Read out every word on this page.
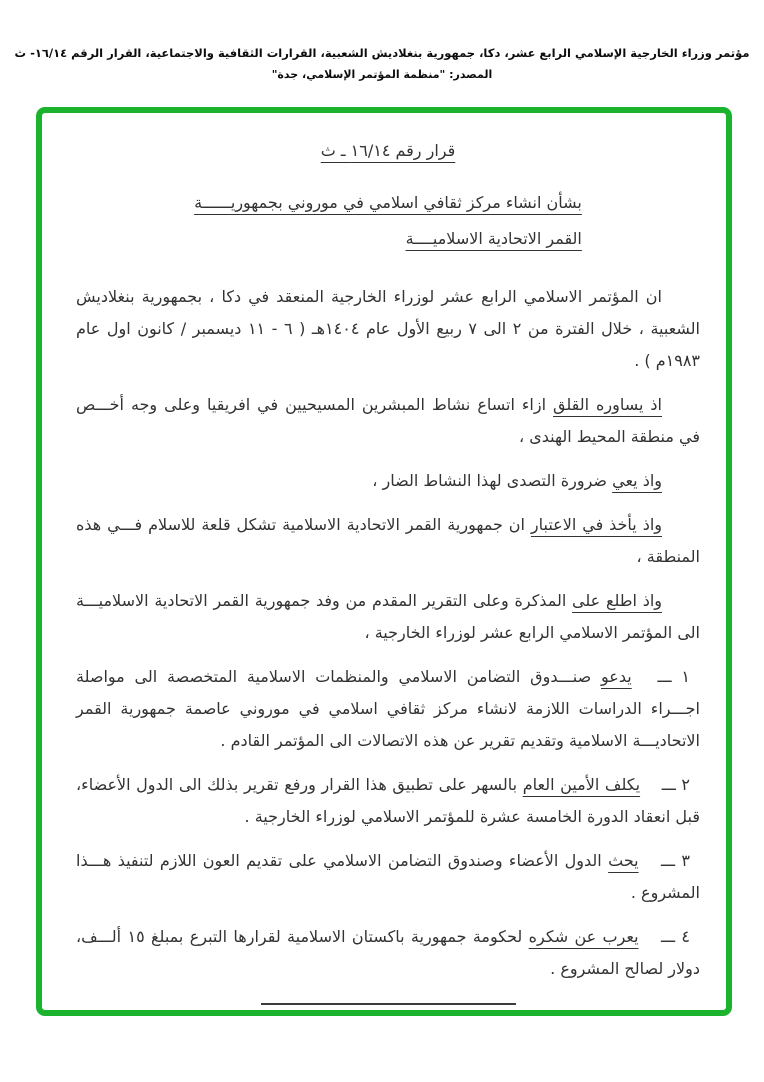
مؤتمر وزراء الخارجية الإسلامي الرابع عشر، دكا، جمهورية بنغلاديش الشعبية، القرارات الثقافية والاجتماعية، القرار الرقم ١٦/١٤- ث
المصدر: "منظمة المؤتمر الإسلامي، جدة"
قرار رقم ١٦/١٤ ـ ث
بشأن انشاء مركز ثقافي اسلامي في موروني بجمهوريــــــة
القمر الاتحادية الاسلاميــــة

ان المؤتمر الاسلامي الرابع عشر لوزراء الخارجية المنعقد في دكا ، بجمهورية بنغلاديش الشعبية ، خلال الفترة من ٢ الى ٧ ربيع الأول عام ١٤٠٤هـ ( ٦ - ١١ ديسمبر / كانون اول عام ١٩٨٣م ) .

اذ يساوره القلق ازاء اتساع نشاط المبشرين المسيحيين في افريقيا وعلى وجه أخـــص في منطقة المحيط الهندى ،

واذ يعي ضرورة التصدى لهذا النشاط الضار ،

واذ يأخذ في الاعتبار ان جمهورية القمر الاتحادية الاسلامية تشكل قلعة للاسلام فـــي هذه المنطقة ،

واذ اطلع على المذكرة وعلى التقرير المقدم من وفد جمهورية القمر الاتحادية الاسلاميـــة الى المؤتمر الاسلامي الرابع عشر لوزراء الخارجية ،

١ ـــ يدعو صنـــدوق التضامن الاسلامي والمنظمات الاسلامية المتخصصة الى مواصلة اجـــراء الدراسات اللازمة لانشاء مركز ثقافي اسلامي في موروني عاصمة جمهورية القمر الاتحاديـــة الاسلامية وتقديم تقرير عن هذه الاتصالات الى المؤتمر القادم .

٢ ـــ يكلف الأمين العام بالسهر على تطبيق هذا القرار ورفع تقرير بذلك الى الدول الأعضاء، قبل انعقاد الدورة الخامسة عشرة للمؤتمر الاسلامي لوزراء الخارجية .

٣ ـــ يحث الدول الأعضاء وصندوق التضامن الاسلامي على تقديم العون اللازم لتنفيذ هـــذا المشروع .

٤ ـــ يعرب عن شكره لحكومة جمهورية باكستان الاسلامية لقرارها التبرع بمبلغ ١٥ ألـــف، دولار لصالح المشروع .
